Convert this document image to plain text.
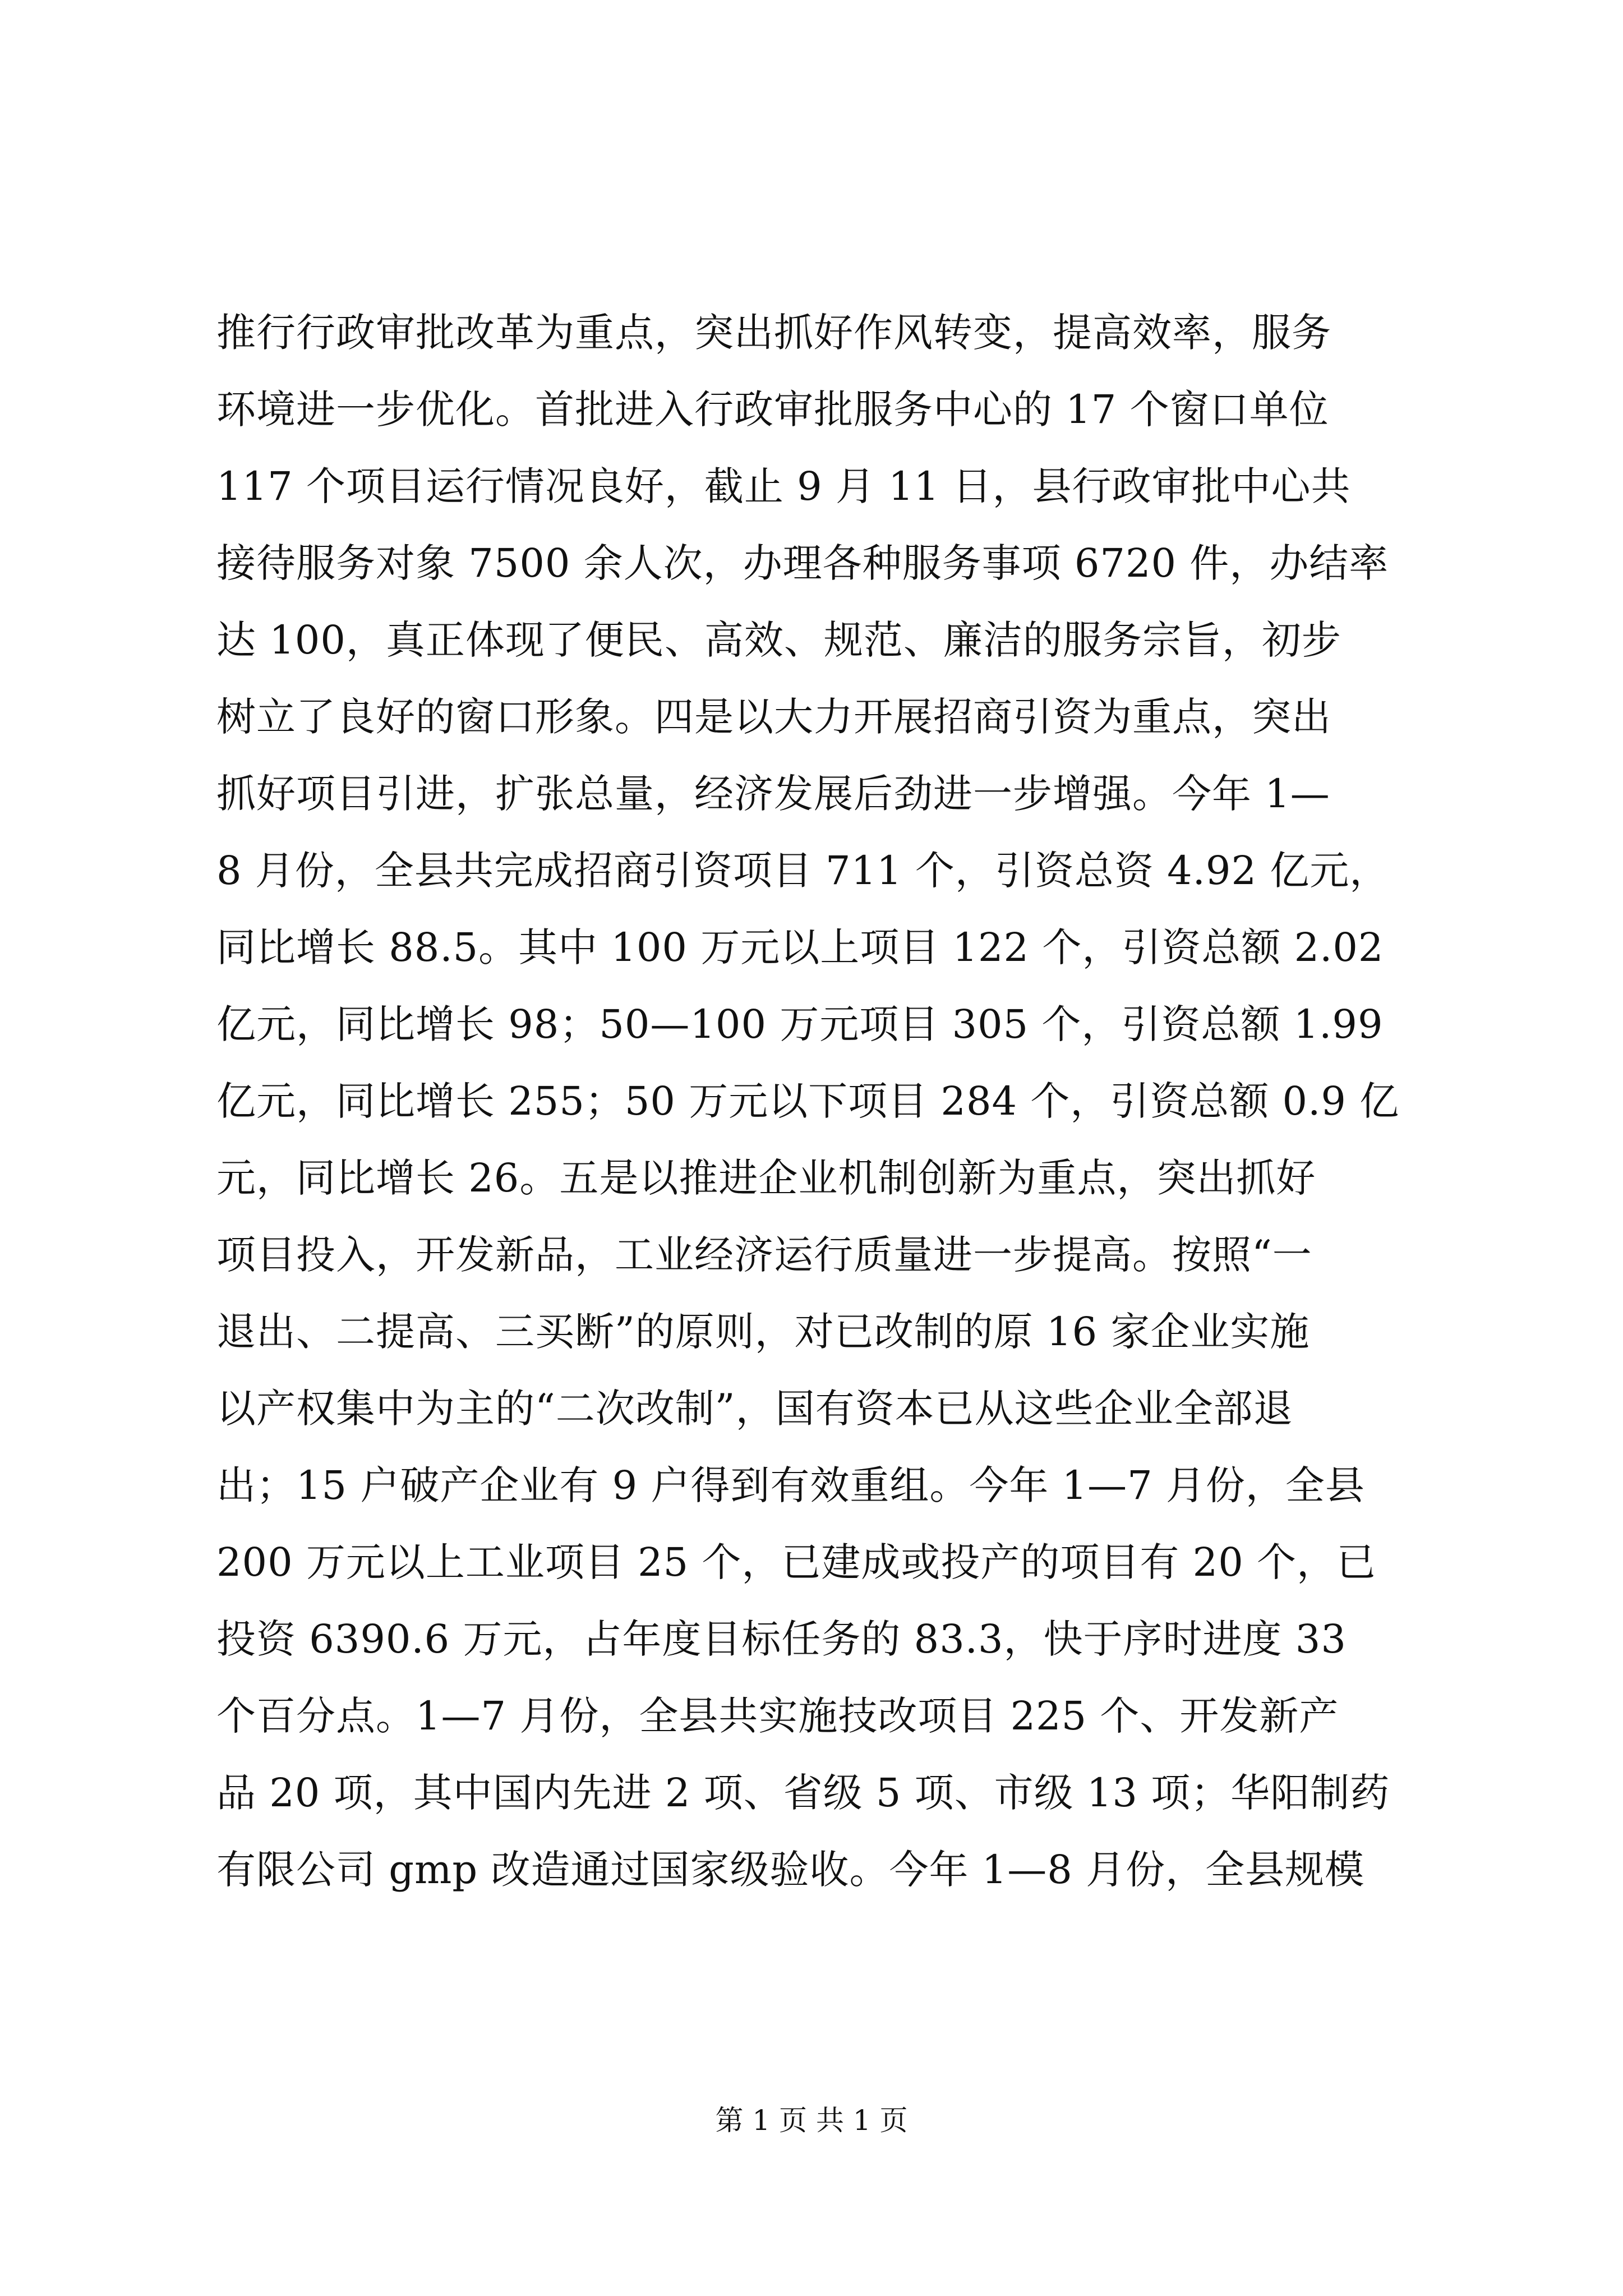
推行行政审批改革为重点，突出抓好作风转变，提高效率，服务
环境进一步优化。首批进入行政审批服务中心的 17 个窗口单位
117 个项目运行情况良好，截止 9 月 11 日，县行政审批中心共
接待服务对象 7500 余人次，办理各种服务事项 6720 件，办结率
达 100，真正体现了便民、高效、规范、廉洁的服务宗旨，初步
树立了良好的窗口形象。四是以大力开展招商引资为重点，突出
抓好项目引进，扩张总量，经济发展后劲进一步增强。今年 1—
8 月份，全县共完成招商引资项目 711 个，引资总资 4.92 亿元，
同比增长 88.5。其中 100 万元以上项目 122 个，引资总额 2.02
亿元，同比增长 98；50—100 万元项目 305 个，引资总额 1.99
亿元，同比增长 255；50 万元以下项目 284 个，引资总额 0.9 亿
元，同比增长 26。五是以推进企业机制创新为重点，突出抓好
项目投入，开发新品，工业经济运行质量进一步提高。按照“一
退出、二提高、三买断”的原则，对已改制的原 16 家企业实施
以产权集中为主的“二次改制”，国有资本已从这些企业全部退
出；15 户破产企业有 9 户得到有效重组。今年 1—7 月份，全县
200 万元以上工业项目 25 个，已建成或投产的项目有 20 个，已
投资 6390.6 万元，占年度目标任务的 83.3，快于序时进度 33
个百分点。1—7 月份，全县共实施技改项目 225 个、开发新产
品 20 项，其中国内先进 2 项、省级 5 项、市级 13 项；华阳制药
有限公司 gmp 改造通过国家级验收。今年 1—8 月份，全县规模
第 1 页 共 1 页
